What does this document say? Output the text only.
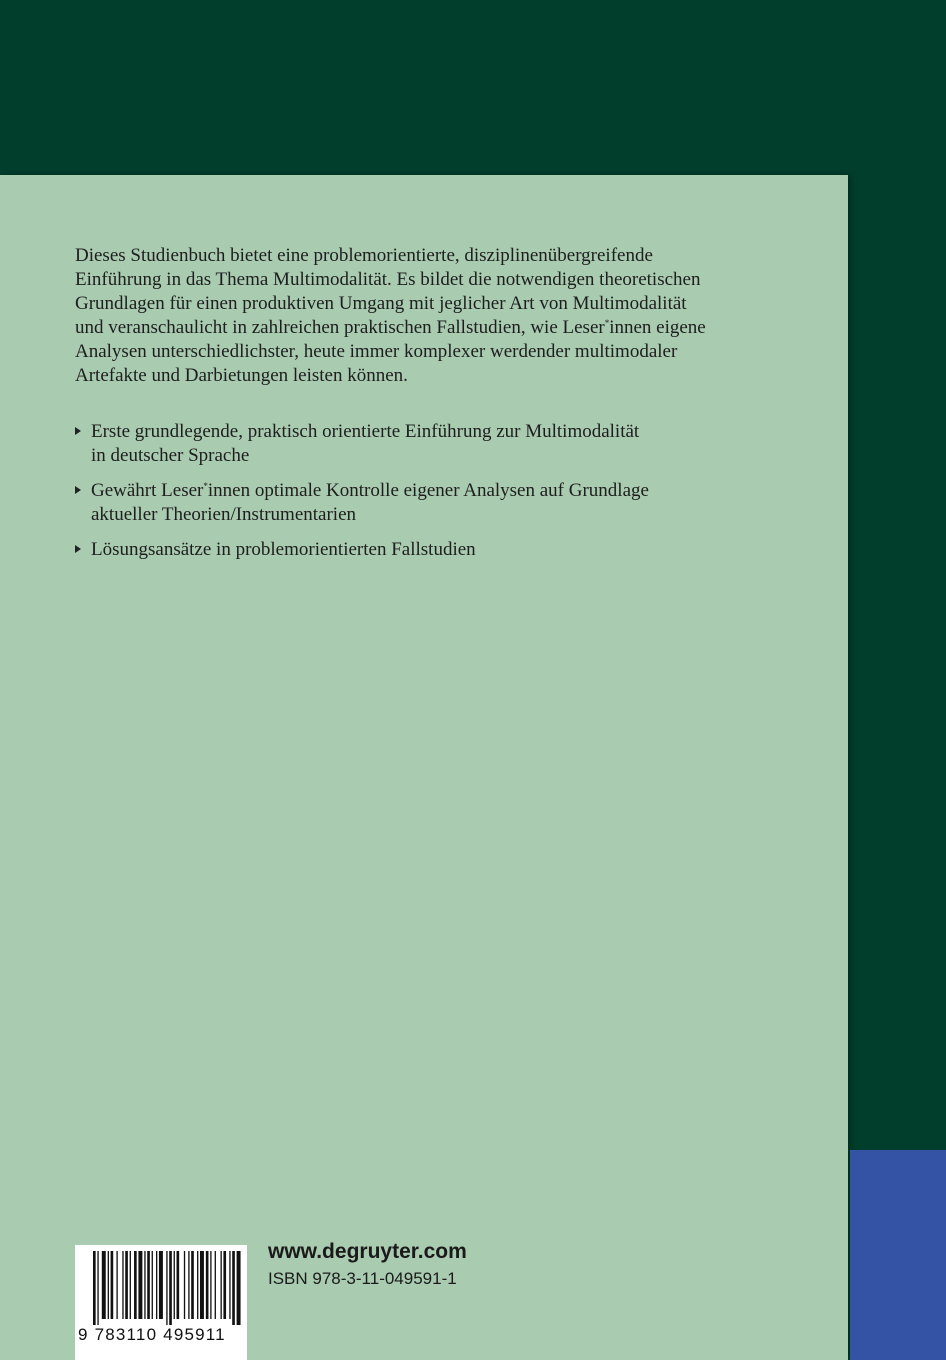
Dieses Studienbuch bietet eine problemorientierte, disziplinenübergreifende
Einführung in das Thema Multimodalität. Es bildet die notwendigen theoretischen
Grundlagen für einen produktiven Umgang mit jeglicher Art von Multimodalität
und veranschaulicht in zahlreichen praktischen Fallstudien, wie Leser*innen eigene
Analysen unterschiedlichster, heute immer komplexer werdender multimodaler
Artefakte und Darbietungen leisten können.

Erste grundlegende, praktisch orientierte Einführung zur Multimodalität
in deutscher Sprache
Gewährt Leser*innen optimale Kontrolle eigener Analysen auf Grundlage
aktueller Theorien/Instrumentarien
Lösungsansätze in problemorientierten Fallstudien
9 783110 495911
www.degruyter.com
ISBN 978-3-11-049591-1
